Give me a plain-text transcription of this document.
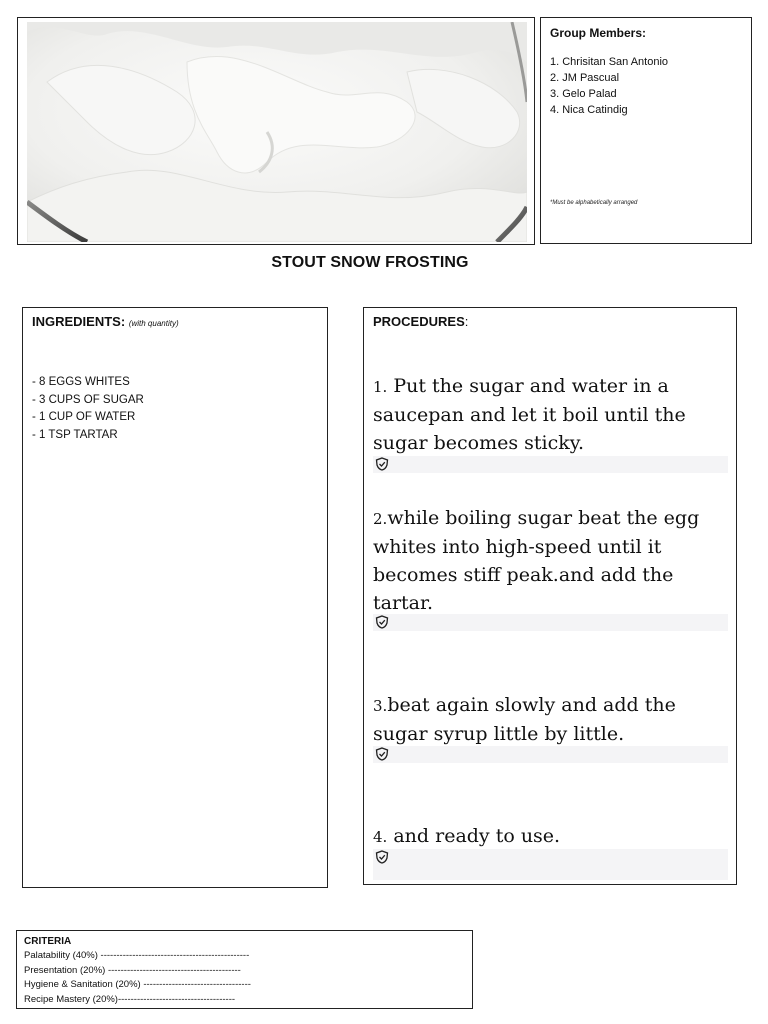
Group Members:
1. Chrisitan San Antonio
2. JM Pascual
3. Gelo Palad
4. Nica Catindig
*Must be alphabetically arranged
STOUT SNOW FROSTING
INGREDIENTS: (with quantity)
- 8 EGGS WHITES
- 3 CUPS OF SUGAR
- 1 CUP OF WATER
- 1 TSP TARTAR
PROCEDURES:
1. Put the sugar and water in a saucepan and let it boil until the sugar becomes sticky.
2.while boiling sugar beat the egg whites into high-speed until it becomes stiff peak.and add the tartar.
3.beat again slowly and add the sugar syrup little by little.
4. and ready to use.
CRITERIA
Palatability (40%) -----------------------------------------------
Presentation (20%) ------------------------------------------
Hygiene & Sanitation (20%) ----------------------------------
Recipe Mastery (20%)-------------------------------------
